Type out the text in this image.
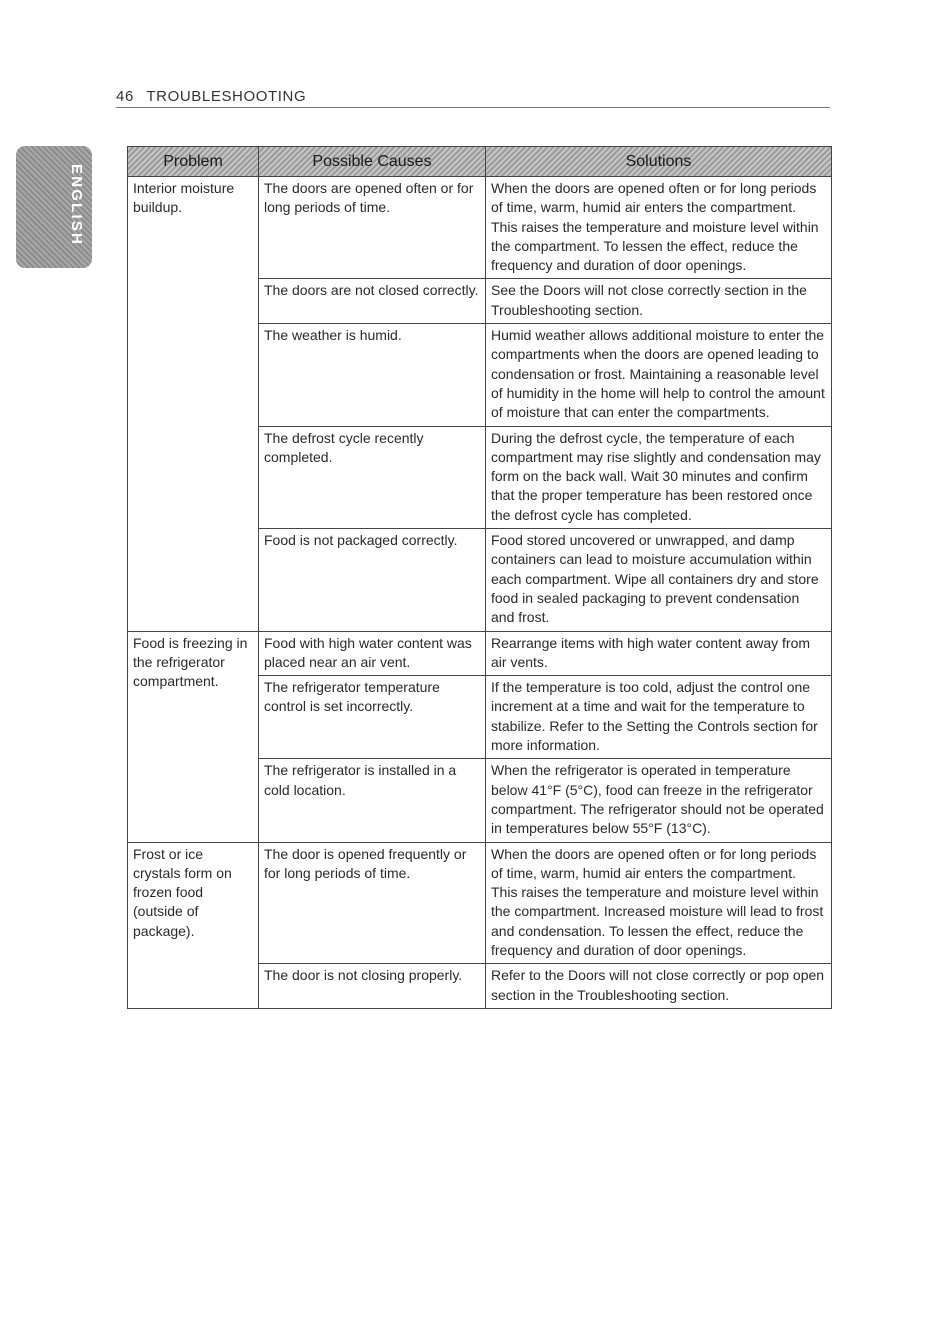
46 TROUBLESHOOTING
ENGLISH
Problem	Possible Causes	Solutions
Interior moisture buildup.	The doors are opened often or for long periods of time.	When the doors are opened often or for long periods of time, warm, humid air enters the compartment. This raises the temperature and moisture level within the compartment. To lessen the effect, reduce the frequency and duration of door openings.
	The doors are not closed correctly.	See the Doors will not close correctly section in the Troubleshooting section.
	The weather is humid.	Humid weather allows additional moisture to enter the compartments when the doors are opened leading to condensation or frost. Maintaining a reasonable level of humidity in the home will help to control the amount of moisture that can enter the compartments.
	The defrost cycle recently completed.	During the defrost cycle, the temperature of each compartment may rise slightly and condensation may form on the back wall. Wait 30 minutes and confirm that the proper temperature has been restored once the defrost cycle has completed.
	Food is not packaged correctly.	Food stored uncovered or unwrapped, and damp containers can lead to moisture accumulation within each compartment. Wipe all containers dry and store food in sealed packaging to prevent condensation and frost.
Food is freezing in the refrigerator compartment.	Food with high water content was placed near an air vent.	Rearrange items with high water content away from air vents.
	The refrigerator temperature control is set incorrectly.	If the temperature is too cold, adjust the control one increment at a time and wait for the temperature to stabilize. Refer to the Setting the Controls section for more information.
	The refrigerator is installed in a cold location.	When the refrigerator is operated in temperature below 41°F (5°C), food can freeze in the refrigerator compartment. The refrigerator should not be operated in temperatures below 55°F (13°C).
Frost or ice crystals form on frozen food (outside of package).	The door is opened frequently or for long periods of time.	When the doors are opened often or for long periods of time, warm, humid air enters the compartment. This raises the temperature and moisture level within the compartment. Increased moisture will lead to frost and condensation. To lessen the effect, reduce the frequency and duration of door openings.
	The door is not closing properly.	Refer to the Doors will not close correctly or pop open section in the Troubleshooting section.
